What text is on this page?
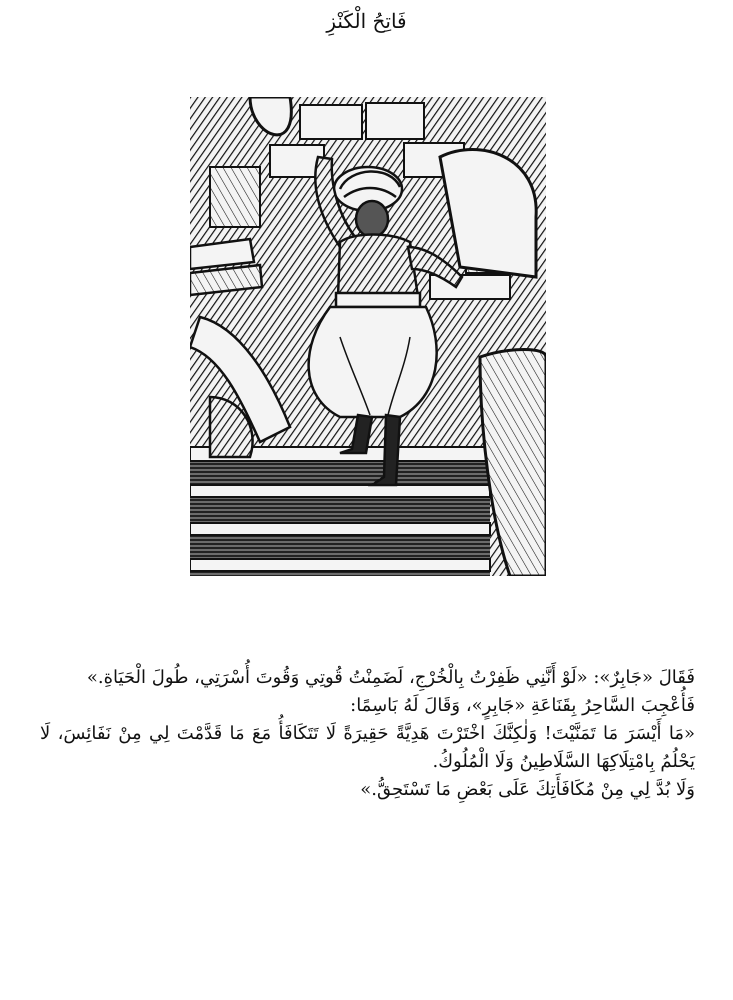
فَاتِحُ الْكَنْزِ

فَقَالَ «جَابِرٌ»: «لَوْ أَنَّنِي ظَفِرْتُ بِالْخُرْجِ، لَضَمِنْتُ قُوتِي وَقُوتَ أُسْرَتِي، طُولَ الْحَيَاةِ.»

فَأُعْجِبَ السَّاحِرُ بِقَنَاعَةِ «جَابِرٍ»، وَقَالَ لَهُ بَاسِمًا:

«مَا أَيْسَرَ مَا تَمَنَّيْتَ! وَلٰكِنَّكَ اخْتَرْتَ هَدِيَّةً حَقِيرَةً لَا تَتَكَافَأُ مَعَ مَا قَدَّمْتَ لِي مِنْ نَفَائِسَ، لَا يَحْلُمُ بِامْتِلَاكِهَا السَّلَاطِينُ وَلَا الْمُلُوكُ.

وَلَا بُدَّ لِي مِنْ مُكَافَأَتِكَ عَلَى بَعْضِ مَا تَسْتَحِقُّ.»
